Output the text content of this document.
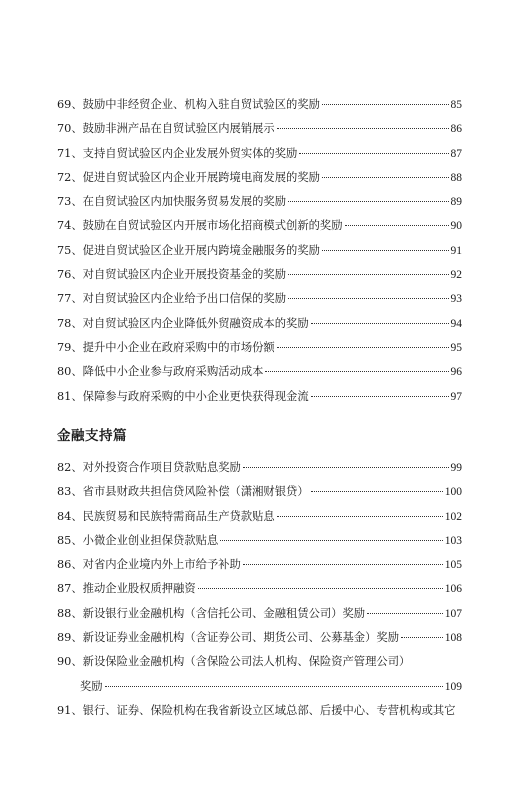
69、 鼓励中非经贸企业、机构入驻自贸试验区的奖励	85
70、 鼓励非洲产品在自贸试验区内展销展示	86
71、 支持自贸试验区内企业发展外贸实体的奖励	87
72、 促进自贸试验区内企业开展跨境电商发展的奖励	88
73、 在自贸试验区内加快服务贸易发展的奖励	89
74、 鼓励在自贸试验区内开展市场化招商模式创新的奖励	90
75、 促进自贸试验区企业开展内跨境金融服务的奖励	91
76、 对自贸试验区内企业开展投资基金的奖励	92
77、 对自贸试验区内企业给予出口信保的奖励	93
78、 对自贸试验区内企业降低外贸融资成本的奖励	94
79、 提升中小企业在政府采购中的市场份额	95
80、 降低中小企业参与政府采购活动成本	96
81、 保障参与政府采购的中小企业更快获得现金流	97
金融支持篇
82、 对外投资合作项目贷款贴息奖励	99
83、 省市县财政共担信贷风险补偿（潇湘财银贷）	100
84、 民族贸易和民族特需商品生产贷款贴息	102
85、 小微企业创业担保贷款贴息	103
86、 对省内企业境内外上市给予补助	105
87、 推动企业股权质押融资	106
88、 新设银行业金融机构（含信托公司、金融租赁公司）奖励	107
89、 新设证券业金融机构（含证券公司、期货公司、公募基金）奖励	108
90、 新设保险业金融机构（含保险公司法人机构、保险资产管理公司）
奖励	109
91、 银行、证券、保险机构在我省新设立区域总部、后援中心、专营机构或其它
